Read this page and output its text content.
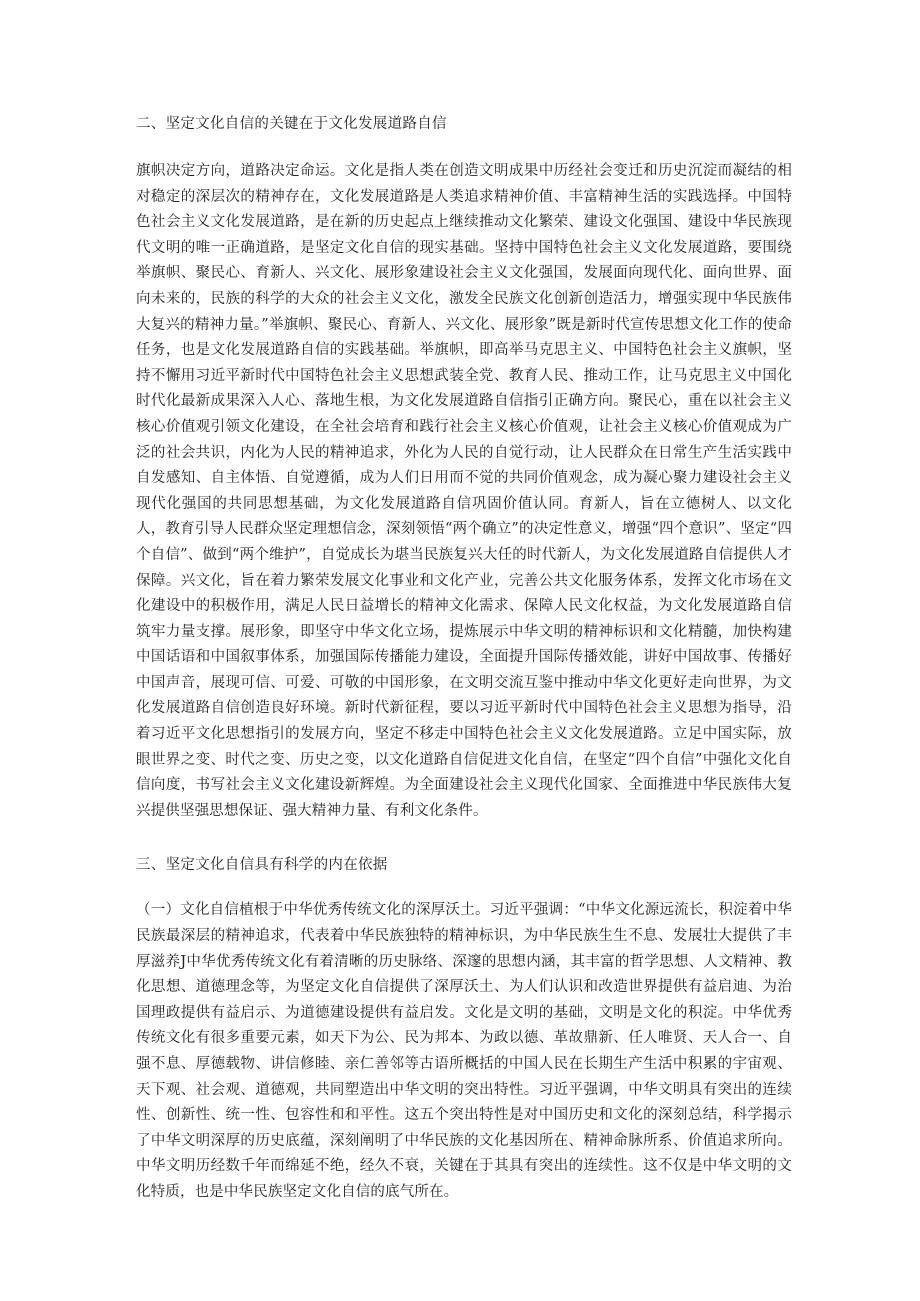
二、坚定文化自信的关键在于文化发展道路自信

旗帜决定方向，道路决定命运。文化是指人类在创造文明成果中历经社会变迁和历史沉淀而凝结的相对稳定的深层次的精神存在，文化发展道路是人类追求精神价值、丰富精神生活的实践选择。中国特色社会主义文化发展道路，是在新的历史起点上继续推动文化繁荣、建设文化强国、建设中华民族现代文明的唯一正确道路，是坚定文化自信的现实基础。坚持中国特色社会主义文化发展道路，要围绕举旗帜、聚民心、育新人、兴文化、展形象建设社会主义文化强国，发展面向现代化、面向世界、面向未来的，民族的科学的大众的社会主义文化，激发全民族文化创新创造活力，增强实现中华民族伟大复兴的精神力量。”举旗帜、聚民心、育新人、兴文化、展形象”既是新时代宣传思想文化工作的使命任务，也是文化发展道路自信的实践基础。举旗帜，即高举马克思主义、中国特色社会主义旗帜，坚持不懈用习近平新时代中国特色社会主义思想武装全党、教育人民、推动工作，让马克思主义中国化时代化最新成果深入人心、落地生根，为文化发展道路自信指引正确方向。聚民心，重在以社会主义核心价值观引领文化建设，在全社会培育和践行社会主义核心价值观，让社会主义核心价值观成为广泛的社会共识，内化为人民的精神追求，外化为人民的自觉行动，让人民群众在日常生产生活实践中自发感知、自主体悟、自觉遵循，成为人们日用而不觉的共同价值观念，成为凝心聚力建设社会主义现代化强国的共同思想基础，为文化发展道路自信巩固价值认同。育新人，旨在立德树人、以文化人，教育引导人民群众坚定理想信念，深刻领悟“两个确立”的决定性意义，增强“四个意识”、坚定“四个自信”、做到“两个维护”，自觉成长为堪当民族复兴大任的时代新人，为文化发展道路自信提供人才保障。兴文化，旨在着力繁荣发展文化事业和文化产业，完善公共文化服务体系，发挥文化市场在文化建设中的积极作用，满足人民日益增长的精神文化需求、保障人民文化权益，为文化发展道路自信筑牢力量支撑。展形象，即坚守中华文化立场，提炼展示中华文明的精神标识和文化精髓，加快构建中国话语和中国叙事体系，加强国际传播能力建设，全面提升国际传播效能，讲好中国故事、传播好中国声音，展现可信、可爱、可敬的中国形象，在文明交流互鉴中推动中华文化更好走向世界，为文化发展道路自信创造良好环境。新时代新征程，要以习近平新时代中国特色社会主义思想为指导，沿着习近平文化思想指引的发展方向，坚定不移走中国特色社会主义文化发展道路。立足中国实际，放眼世界之变、时代之变、历史之变，以文化道路自信促进文化自信，在坚定“四个自信”中强化文化自信向度，书写社会主义文化建设新辉煌。为全面建设社会主义现代化国家、全面推进中华民族伟大复兴提供坚强思想保证、强大精神力量、有利文化条件。

三、坚定文化自信具有科学的内在依据

（一）文化自信植根于中华优秀传统文化的深厚沃土。习近平强调：“中华文化源远流长，积淀着中华民族最深层的精神追求，代表着中华民族独特的精神标识，为中华民族生生不息、发展壮大提供了丰厚滋养J中华优秀传统文化有着清晰的历史脉络、深邃的思想内涵，其丰富的哲学思想、人文精神、教化思想、道德理念等，为坚定文化自信提供了深厚沃土、为人们认识和改造世界提供有益启迪、为治国理政提供有益启示、为道德建设提供有益启发。文化是文明的基础，文明是文化的积淀。中华优秀传统文化有很多重要元素，如天下为公、民为邦本、为政以德、革故鼎新、任人唯贤、天人合一、自强不息、厚德载物、讲信修睦、亲仁善邻等古语所概括的中国人民在长期生产生活中积累的宇宙观、天下观、社会观、道德观，共同塑造出中华文明的突出特性。习近平强调，中华文明具有突出的连续性、创新性、统一性、包容性和和平性。这五个突出特性是对中国历史和文化的深刻总结，科学揭示了中华文明深厚的历史底蕴，深刻阐明了中华民族的文化基因所在、精神命脉所系、价值追求所向。中华文明历经数千年而绵延不绝，经久不衰，关键在于其具有突出的连续性。这不仅是中华文明的文化特质，也是中华民族坚定文化自信的底气所在。
